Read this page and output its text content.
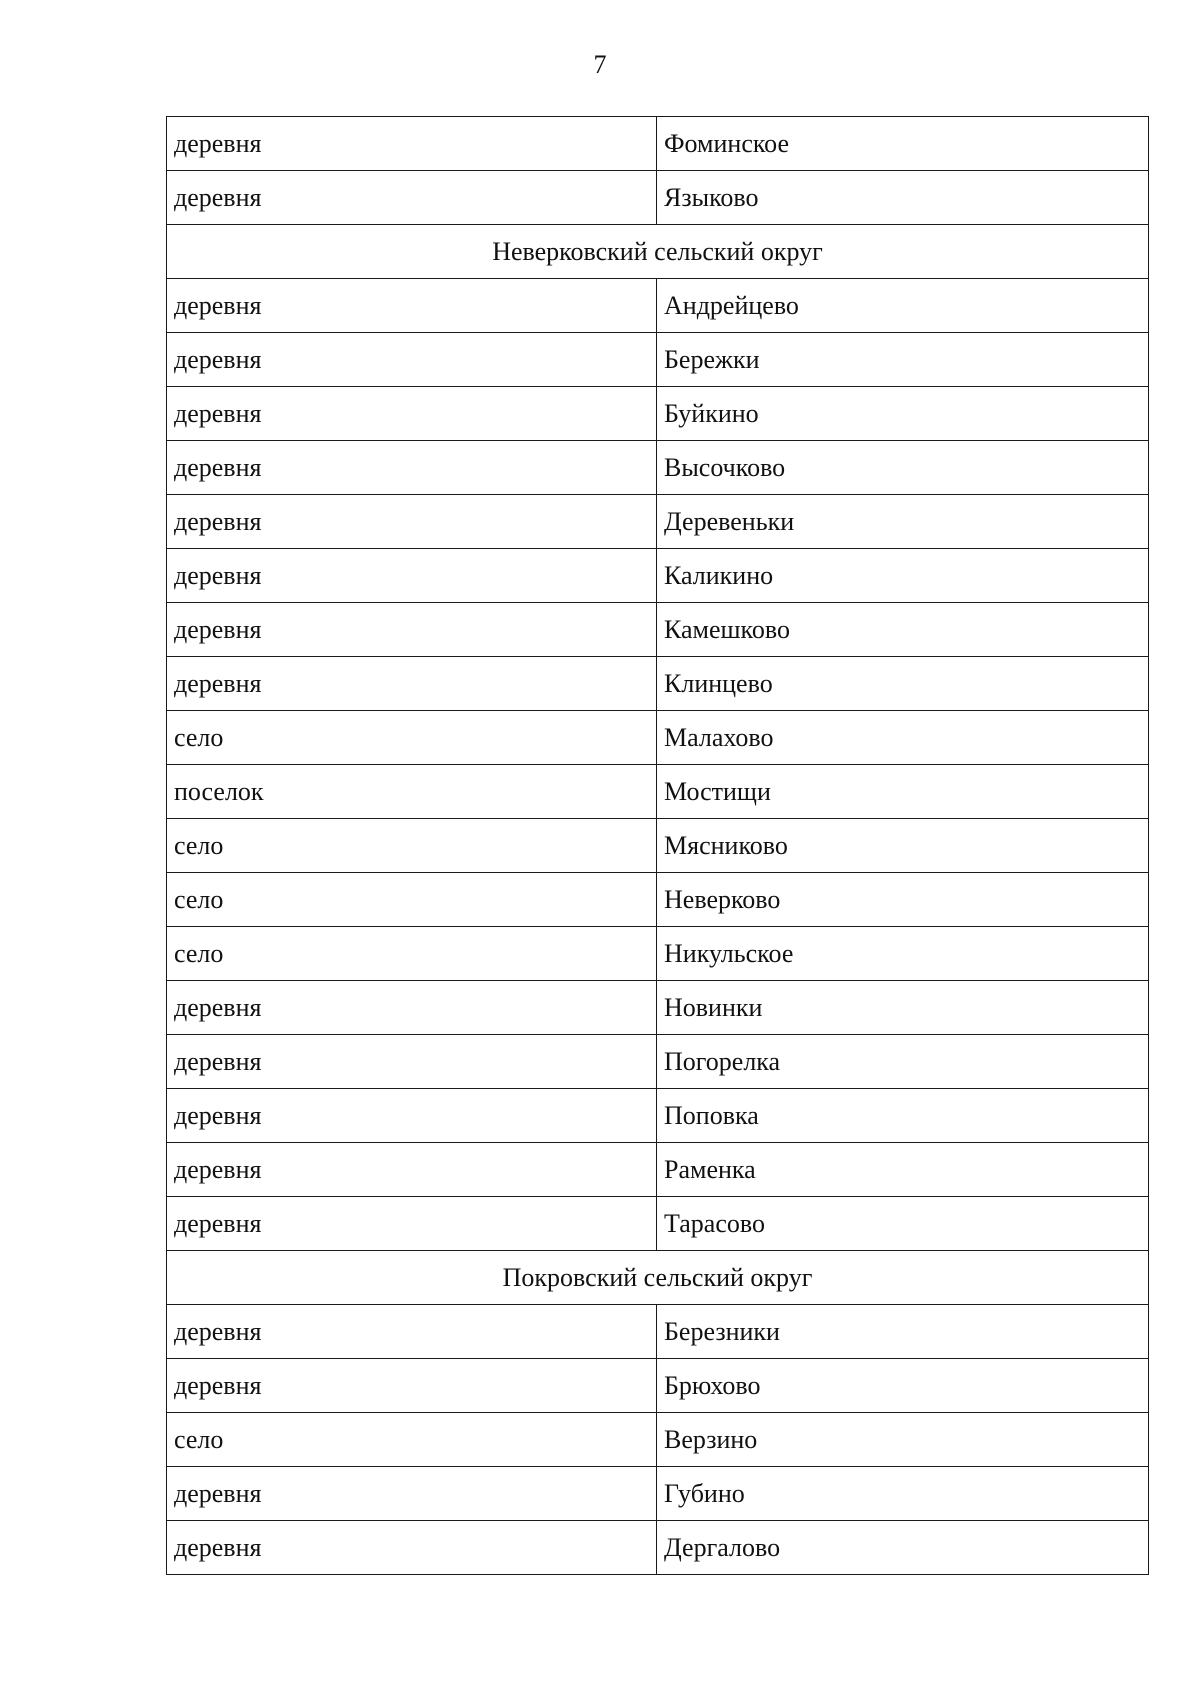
7
деревня	Фоминское
деревня	Языково
Неверковский сельский округ	
деревня	Андрейцево
деревня	Бережки
деревня	Буйкино
деревня	Высочково
деревня	Деревеньки
деревня	Каликино
деревня	Камешково
деревня	Клинцево
село	Малахово
поселок	Мостищи
село	Мясниково
село	Неверково
село	Никульское
деревня	Новинки
деревня	Погорелка
деревня	Поповка
деревня	Раменка
деревня	Тарасово
Покровский сельский округ	
деревня	Березники
деревня	Брюхово
село	Верзино
деревня	Губино
деревня	Дергалово
